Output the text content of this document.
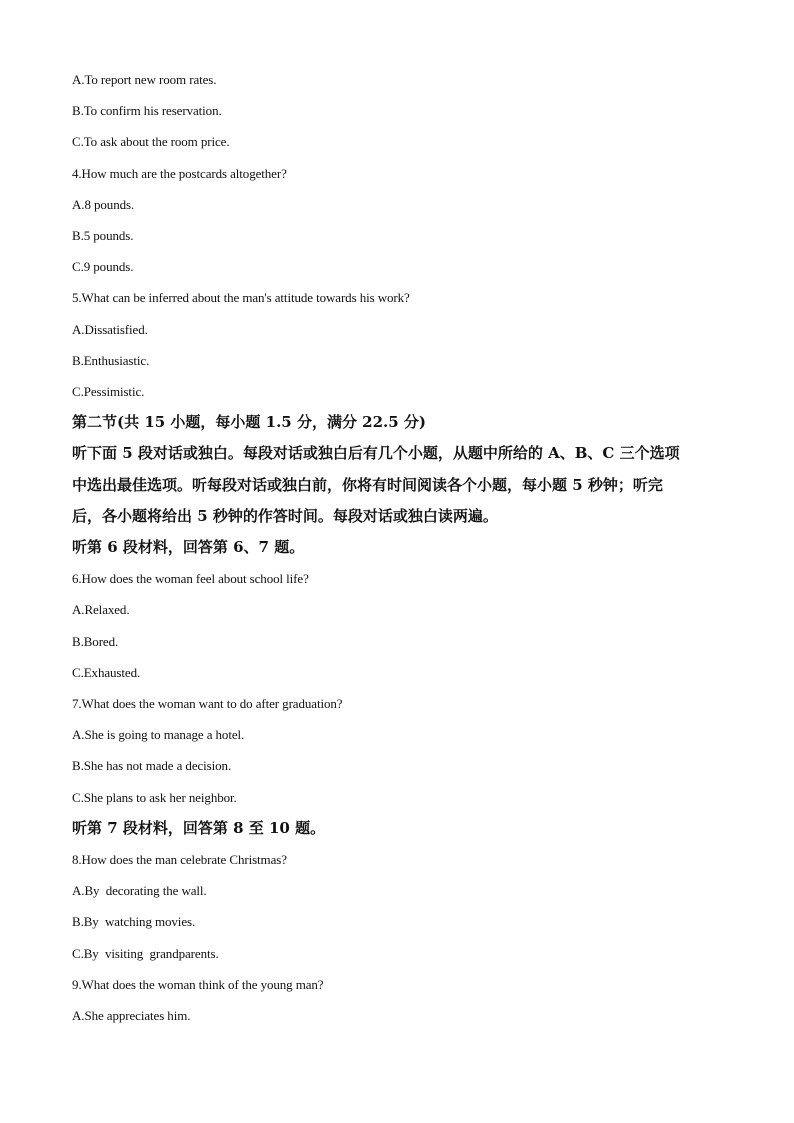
A.To report new room rates.
B.To confirm his reservation.
C.To ask about the room price.
4.How much are the postcards altogether?
A.8 pounds.
B.5 pounds.
C.9 pounds.
5.What can be inferred about the man's attitude towards his work?
A.Dissatisfied.
B.Enthusiastic.
C.Pessimistic.
第二节(共 15 小题，每小题 1.5 分，满分 22.5 分)
听下面 5 段对话或独白。每段对话或独白后有几个小题，从题中所给的 A、B、C 三个选项
中选出最佳选项。听每段对话或独白前，你将有时间阅读各个小题，每小题 5 秒钟；听完
后，各小题将给出 5 秒钟的作答时间。每段对话或独白读两遍。
听第 6 段材料，回答第 6、7 题。
6.How does the woman feel about school life?
A.Relaxed.
B.Bored.
C.Exhausted.
7.What does the woman want to do after graduation?
A.She is going to manage a hotel.
B.She has not made a decision.
C.She plans to ask her neighbor.
听第 7 段材料，回答第 8 至 10 题。
8.How does the man celebrate Christmas?
A.By  decorating the wall.
B.By  watching movies.
C.By  visiting  grandparents.
9.What does the woman think of the young man?
A.She appreciates him.
